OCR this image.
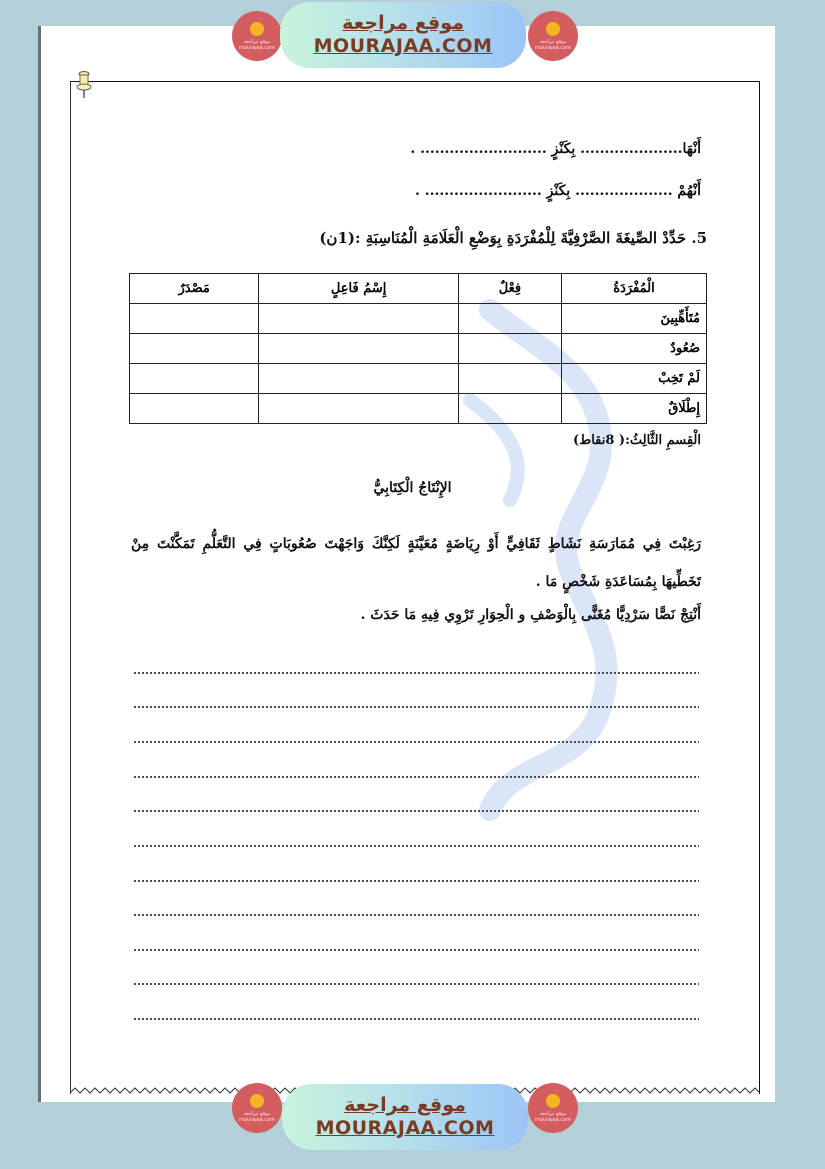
موقع مراجعة
mourajaa.com
موقع مراجعة
MOURAJAA.COM	موقع مراجعة
mourajaa.com
أَنْهَا..................... بِكَنْزٍ .......................... .
أَنْهُمْ .................... بِكَنْزٍ ........................ .
5. حَدِّدْ الصِّيغَةَ الصَّرْفِيَّةَ لِلْمُفْرَدَةِ بِوَضْعِ الْعَلَامَةِ الْمُنَاسِبَةِ :(1ن)
الْمُفْرَدَةُ	فِعْلٌ	إِسْمُ فَاعِلٍ	مَصْدَرٌ
مُتَأَهِّبِينَ			
صُعُودٌ			
لَمْ تَخِبْ			
إِطْلَاقٌ			
الْقِسمِ الثَّالِثُ:( 8نقاط)
الإِنْتَاجُ الْكِتَابِيُّ
رَغِبْتَ فِي مُمَارَسَةِ نَشَاطٍ ثَقَافِيٍّ أَوْ رِيَاضَةٍ مُعَيَّنَةٍ لَكِنَّكَ وَاجَهْتَ صُعُوبَاتٍ فِي التَّعَلُّمِ تَمَكَّنْتَ مِنْ تَخَطِّيهَا بِمُسَاعَدَةِ شَخْصٍ مَا .
أَنْتِجْ نَصًّا سَرْدِيًّا مُغَنًّى بِالْوَصْفِ و الْحِوَارِ تَرْوِي فِيهِ مَا حَدَثَ .
موقع مراجعة
mourajaa.com
موقع مراجعة
MOURAJAA.COM
موقع مراجعة
mourajaa.com
